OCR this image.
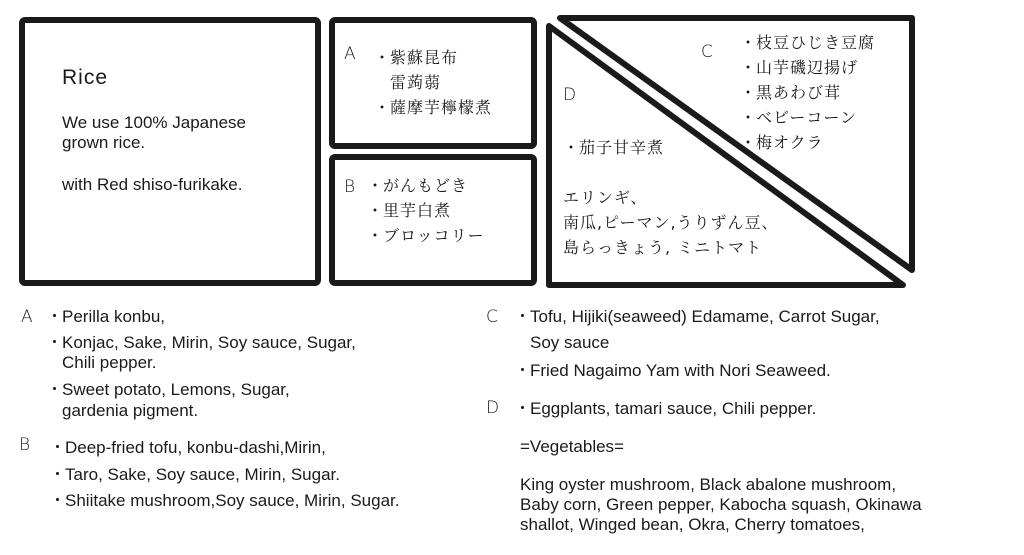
Rice
We use 100% Japanese
grown rice.
with Red shiso-furikake.
A ・紫蘇昆布
雷蒟蒻
・薩摩芋檸檬煮
B ・がんもどき
・里芋白煮
・ブロッコリー
C ・枝豆ひじき豆腐
・山芋磯辺揚げ
・黒あわび茸
・ベビーコーン
・梅オクラ
D
・茄子甘辛煮
エリンギ、
南瓜,ピーマン,うりずん豆、
島らっきょう, ミニトマト
A ・Perilla konbu,
・Konjac, Sake, Mirin, Soy sauce, Sugar,
Chili pepper.
・Sweet potato, Lemons, Sugar,
gardenia pigment.
B ・Deep-fried tofu, konbu-dashi,Mirin,
・Taro, Sake, Soy sauce, Mirin, Sugar.
・Shiitake mushroom,Soy sauce, Mirin, Sugar.
C ・Tofu, Hijiki(seaweed) Edamame, Carrot Sugar,
Soy sauce
・Fried Nagaimo Yam with Nori Seaweed.
D ・Eggplants, tamari sauce, Chili pepper.
=Vegetables=
King oyster mushroom, Black abalone mushroom,
Baby corn, Green pepper, Kabocha squash, Okinawa
shallot, Winged bean, Okra, Cherry tomatoes,
